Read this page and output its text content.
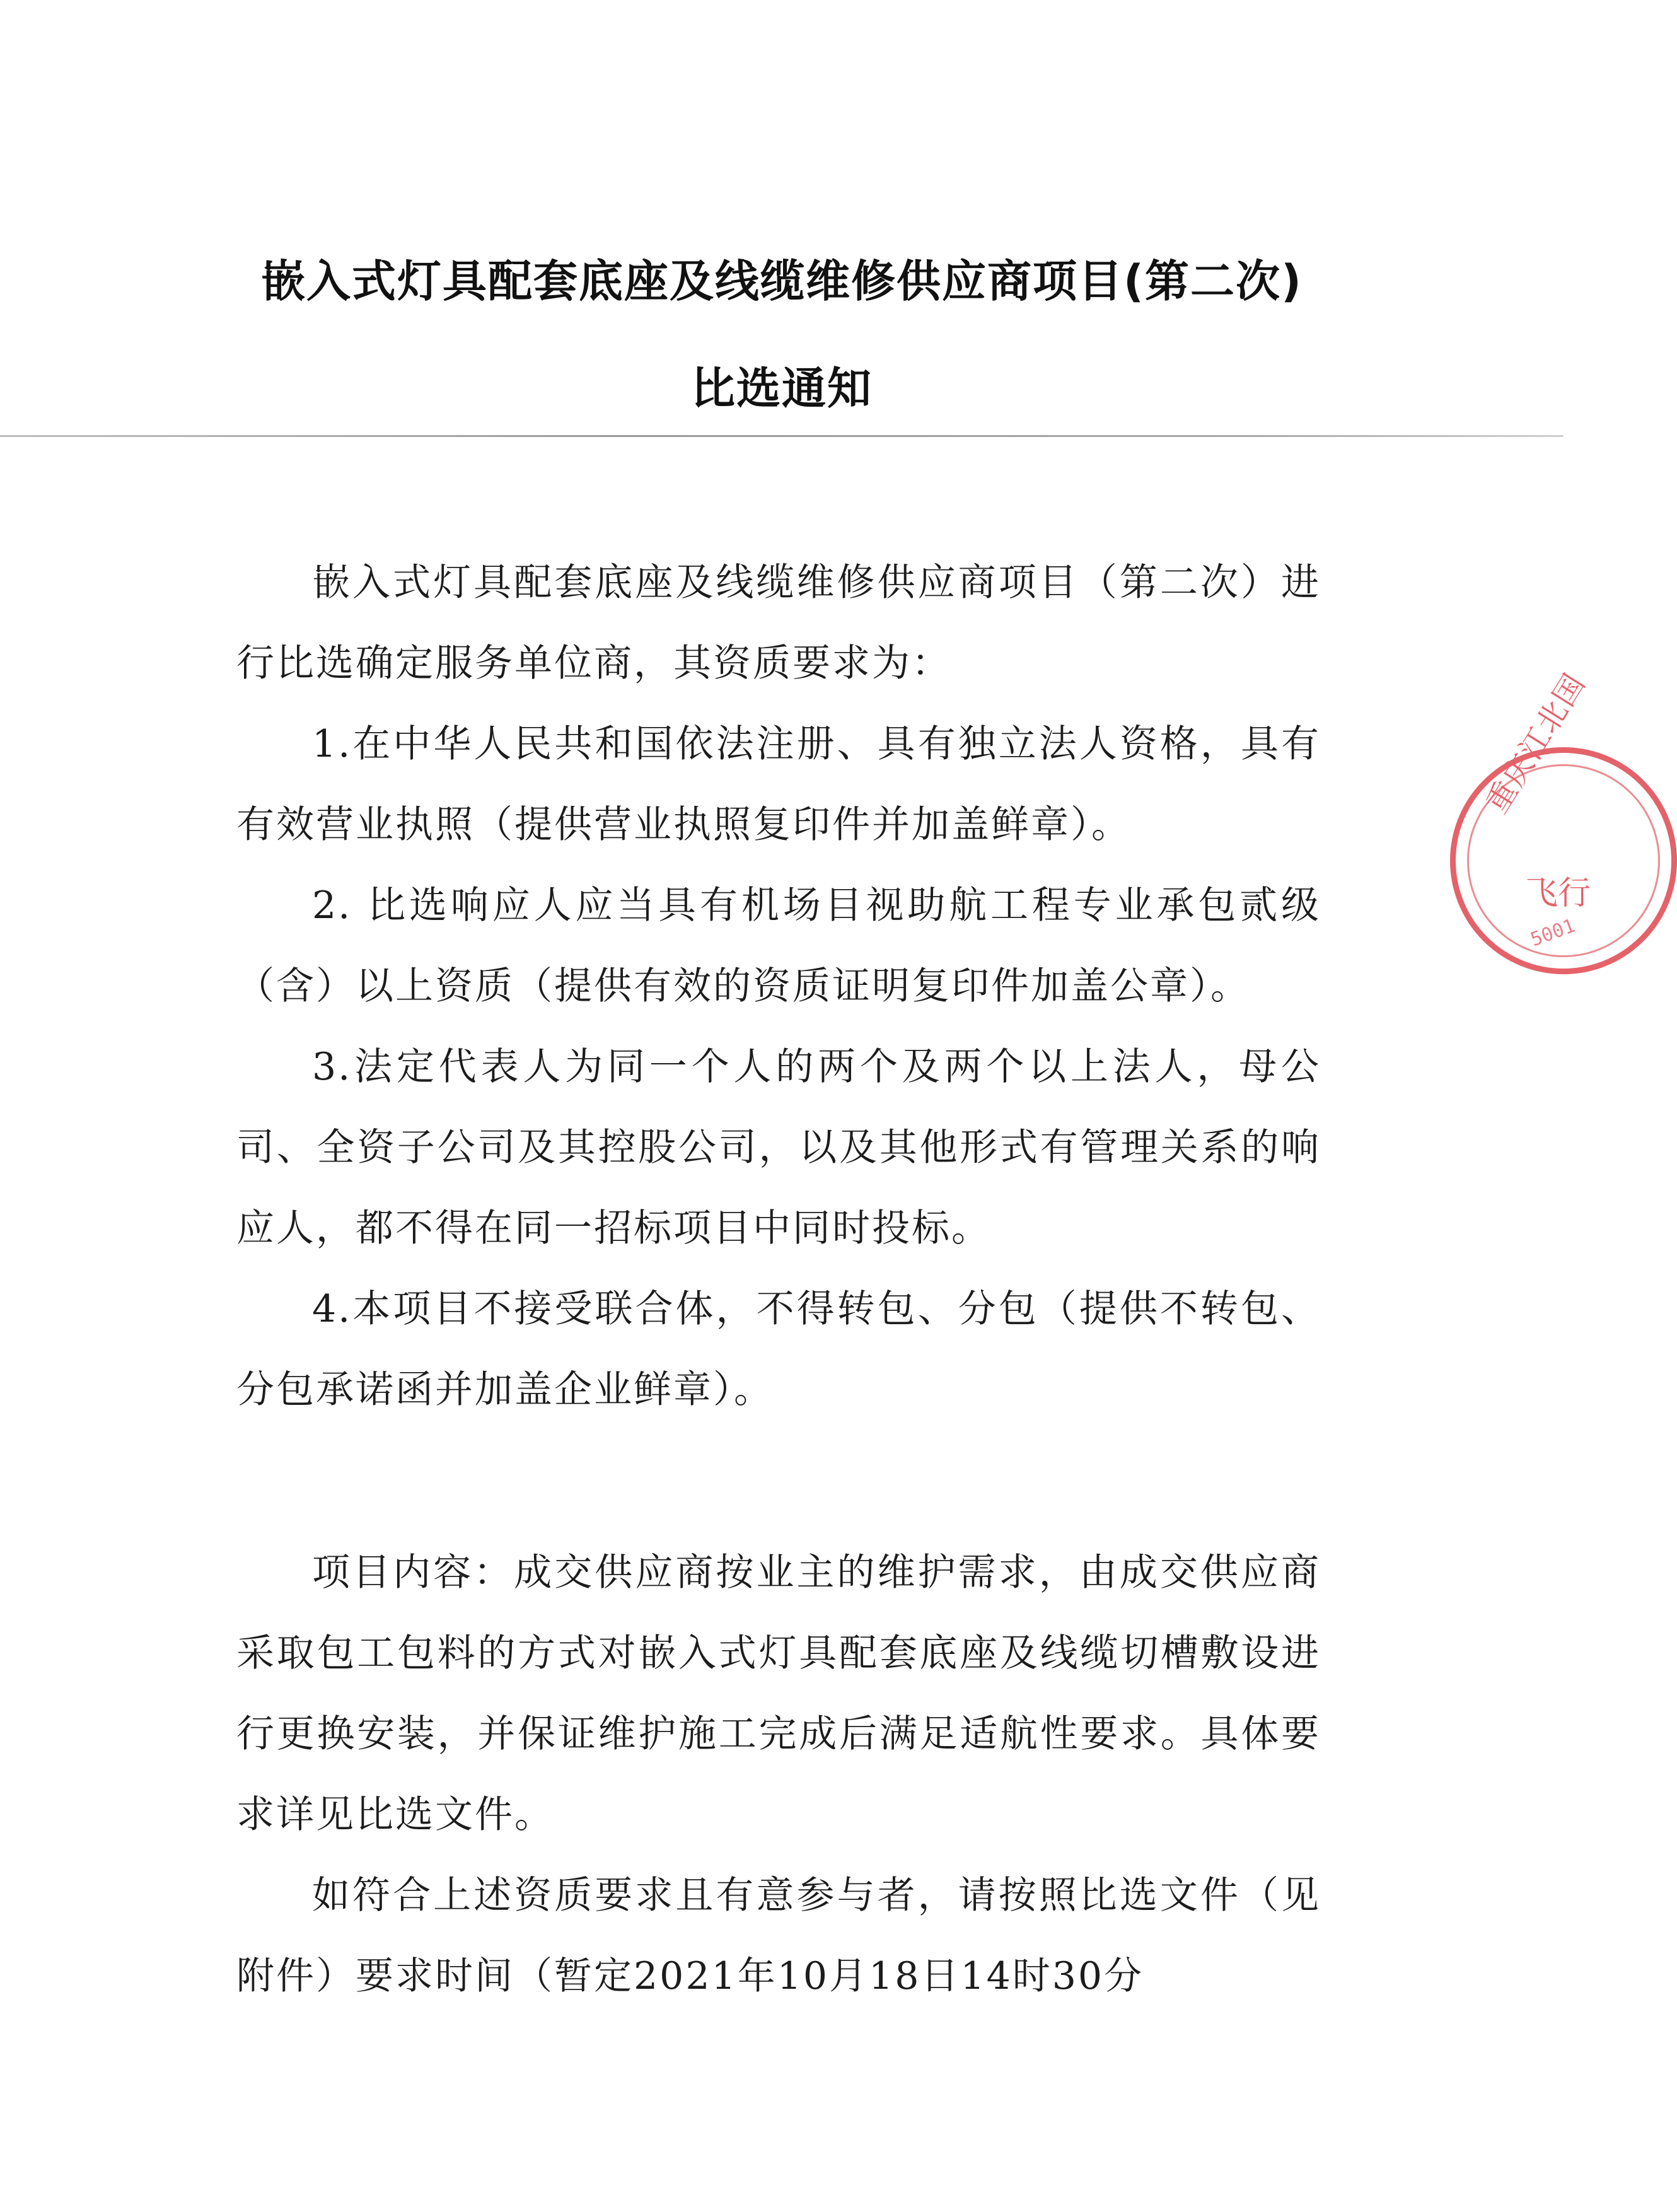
嵌入式灯具配套底座及线缆维修供应商项目(第二次)
比选通知

嵌入式灯具配套底座及线缆维修供应商项目（第二次）进行比选确定服务单位商，其资质要求为：

1.在中华人民共和国依法注册、具有独立法人资格，具有有效营业执照（提供营业执照复印件并加盖鲜章）。

2. 比选响应人应当具有机场目视助航工程专业承包贰级（含）以上资质（提供有效的资质证明复印件加盖公章）。

3.法定代表人为同一个人的两个及两个以上法人，母公司、全资子公司及其控股公司，以及其他形式有管理关系的响应人，都不得在同一招标项目中同时投标。

4.本项目不接受联合体，不得转包、分包（提供不转包、分包承诺函并加盖企业鲜章）。

项目内容：成交供应商按业主的维护需求，由成交供应商采取包工包料的方式对嵌入式灯具配套底座及线缆切槽敷设进行更换安装，并保证维护施工完成后满足适航性要求。具体要求详见比选文件。

如符合上述资质要求且有意参与者，请按照比选文件（见附件）要求时间（暂定2021年10月18日14时30分

重庆江北国
飞行
5001
